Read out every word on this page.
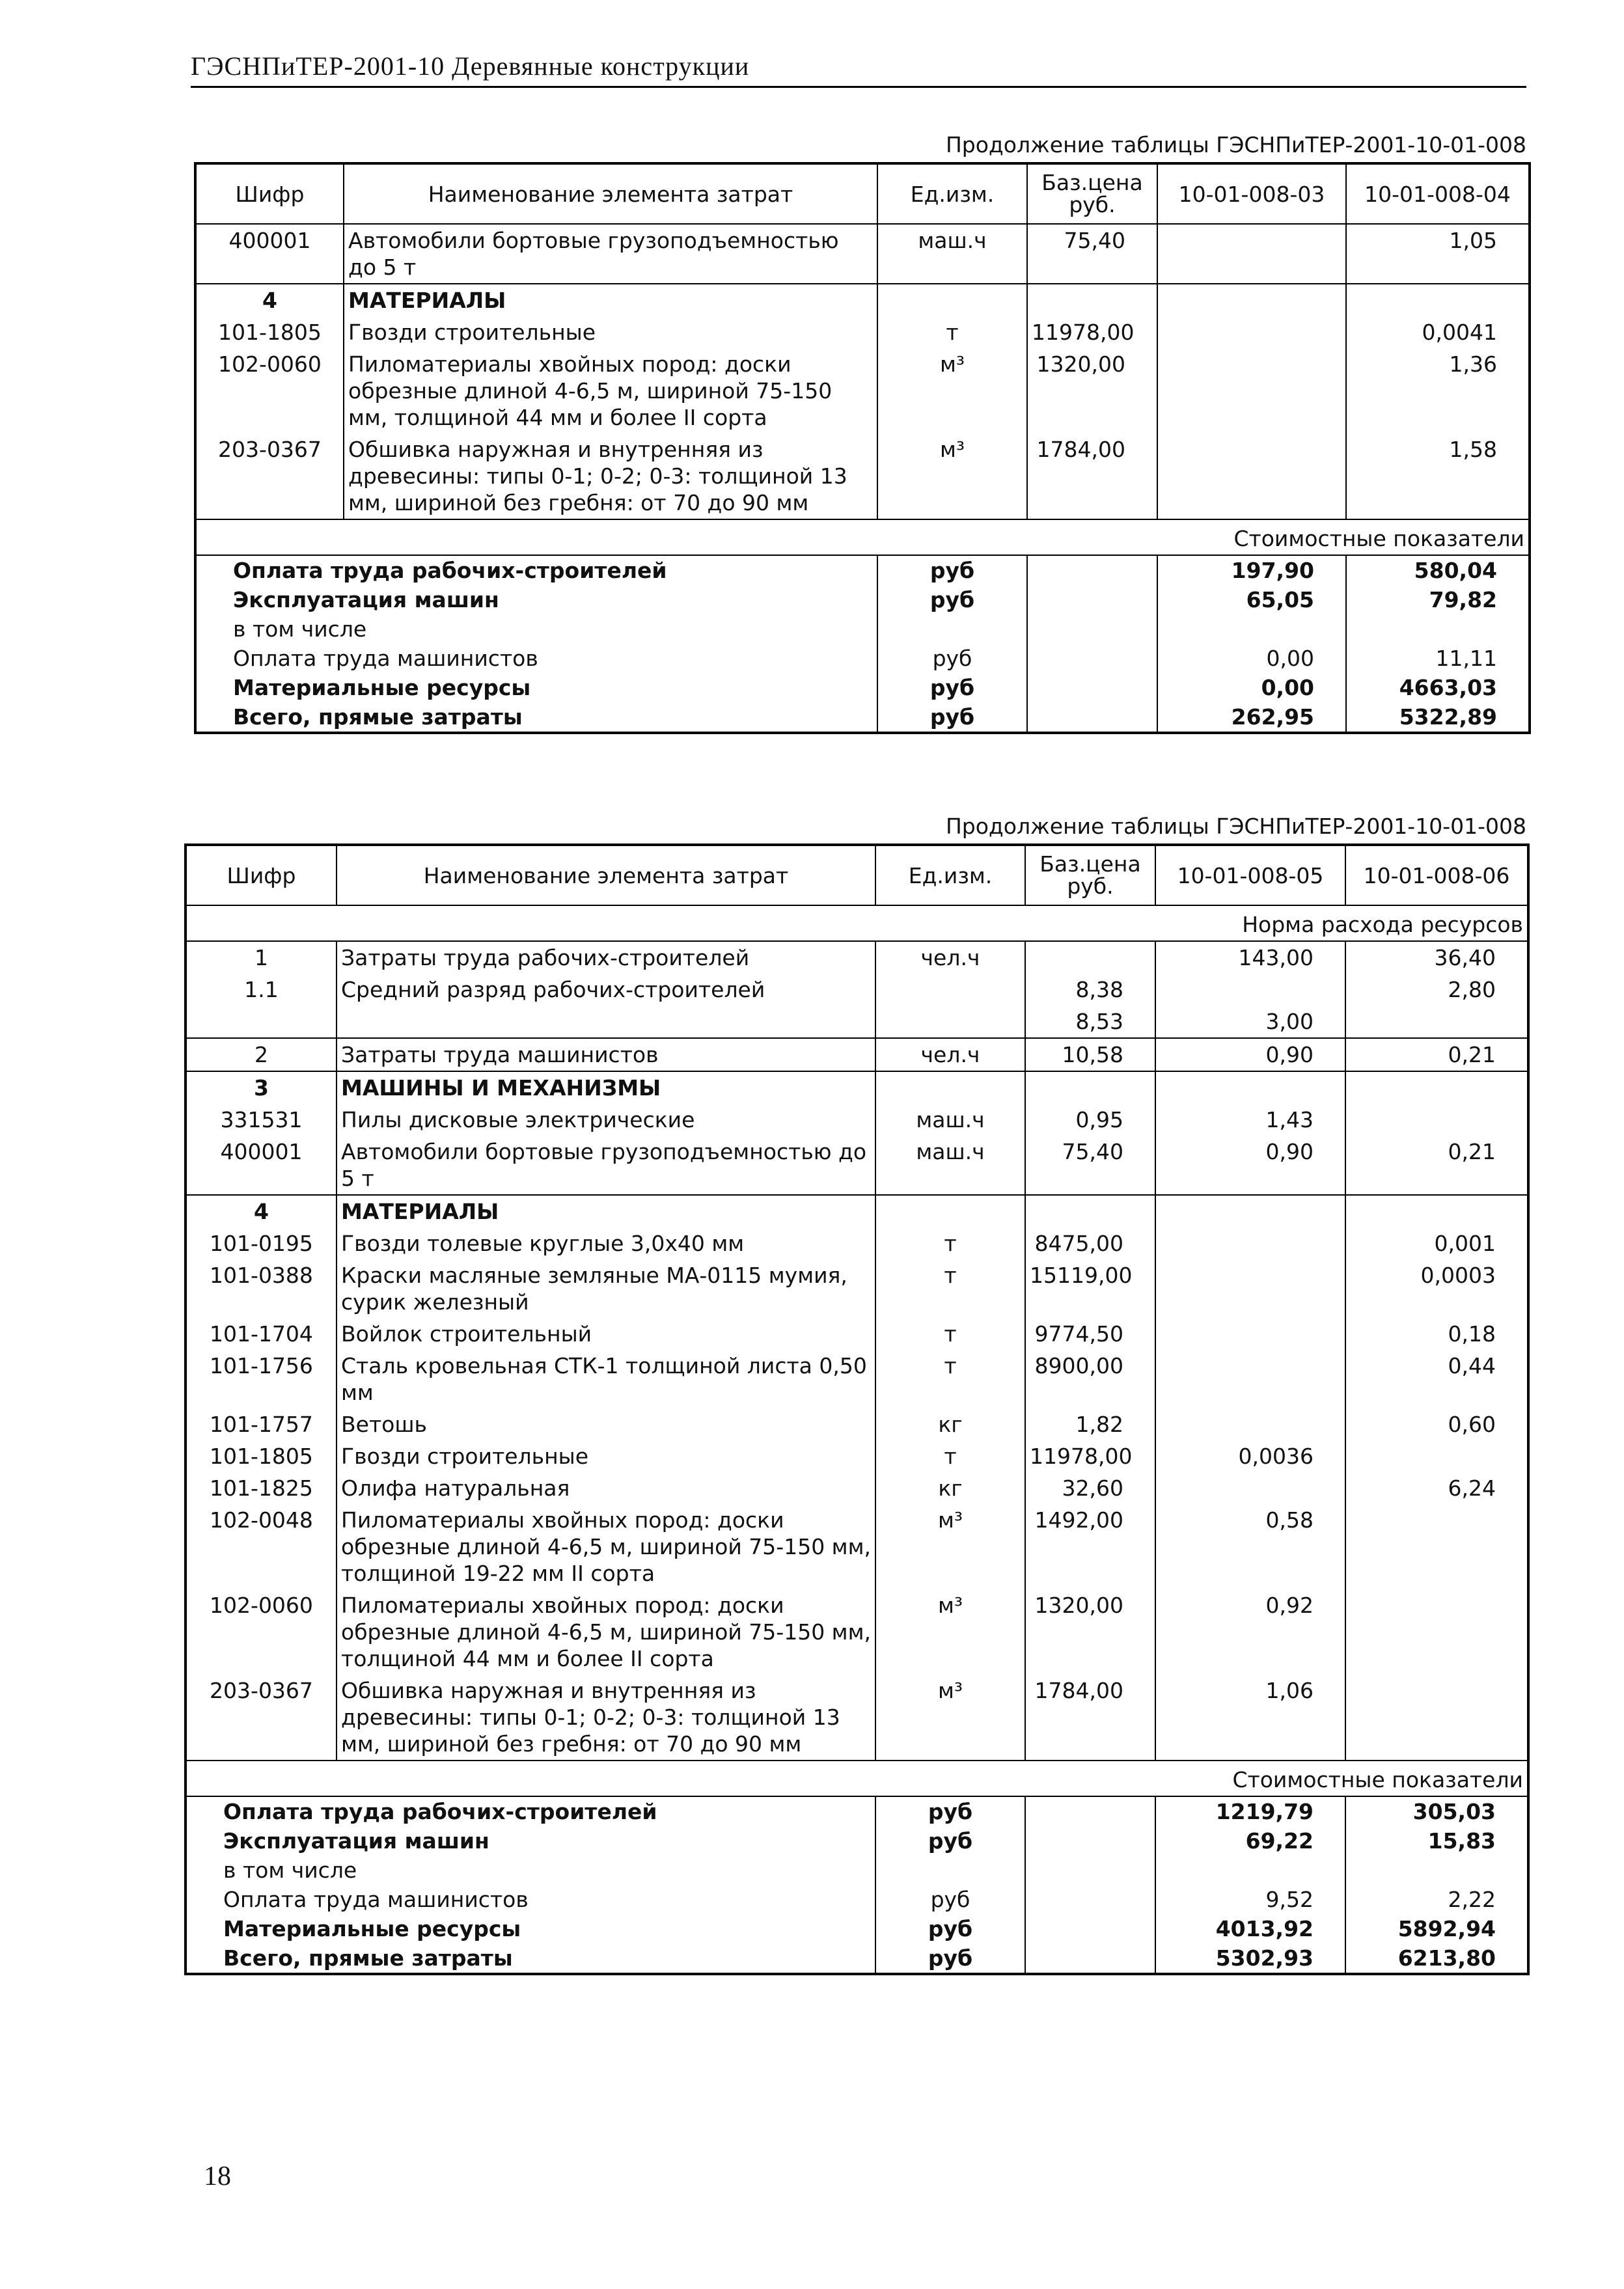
ГЭСНПиТЕР-2001-10 Деревянные конструкции
Продолжение таблицы ГЭСНПиТЕР-2001-10-01-008
Шифр	Наименование элемента затрат	Ед.изм.	Баз.цена руб.	10-01-008-03	10-01-008-04
400001	Автомобили бортовые грузоподъемностью до 5 т	маш.ч	75,40		1,05
4	МАТЕРИАЛЫ				
101-1805	Гвозди строительные	т	11978,00		0,0041
102-0060	Пиломатериалы хвойных пород: доски обрезные длиной 4-6,5 м, шириной 75-150 мм, толщиной 44 мм и более II сорта	м³	1320,00		1,36
203-0367	Обшивка наружная и внутренняя из древесины: типы 0-1; 0-2; 0-3: толщиной 13 мм, шириной без гребня: от 70 до 90 мм	м³	1784,00		1,58
Стоимостные показатели					
Оплата труда рабочих-строителей		руб		197,90	580,04
Эксплуатация машин		руб		65,05	79,82
в том числе					
Оплата труда машинистов		руб		0,00	11,11
Материальные ресурсы		руб		0,00	4663,03
Всего, прямые затраты		руб		262,95	5322,89
Продолжение таблицы ГЭСНПиТЕР-2001-10-01-008
Шифр	Наименование элемента затрат	Ед.изм.	Баз.цена руб.	10-01-008-05	10-01-008-06
Норма расхода ресурсов					
1	Затраты труда рабочих-строителей	чел.ч		143,00	36,40
1.1	Средний разряд рабочих-строителей		8,38		2,80
			8,53	3,00	
2	Затраты труда машинистов	чел.ч	10,58	0,90	0,21
3	МАШИНЫ И МЕХАНИЗМЫ				
331531	Пилы дисковые электрические	маш.ч	0,95	1,43	
400001	Автомобили бортовые грузоподъемностью до 5 т	маш.ч	75,40	0,90	0,21
4	МАТЕРИАЛЫ				
101-0195	Гвозди толевые круглые 3,0х40 мм	т	8475,00		0,001
101-0388	Краски масляные земляные МА-0115 мумия, сурик железный	т	15119,00		0,0003
101-1704	Войлок строительный	т	9774,50		0,18
101-1756	Сталь кровельная СТК-1 толщиной листа 0,50 мм	т	8900,00		0,44
101-1757	Ветошь	кг	1,82		0,60
101-1805	Гвозди строительные	т	11978,00	0,0036	
101-1825	Олифа натуральная	кг	32,60		6,24
102-0048	Пиломатериалы хвойных пород: доски обрезные длиной 4-6,5 м, шириной 75-150 мм, толщиной 19-22 мм II сорта	м³	1492,00	0,58	
102-0060	Пиломатериалы хвойных пород: доски обрезные длиной 4-6,5 м, шириной 75-150 мм, толщиной 44 мм и более II сорта	м³	1320,00	0,92	
203-0367	Обшивка наружная и внутренняя из древесины: типы 0-1; 0-2; 0-3: толщиной 13 мм, шириной без гребня: от 70 до 90 мм	м³	1784,00	1,06	
Стоимостные показатели					
Оплата труда рабочих-строителей		руб		1219,79	305,03
Эксплуатация машин		руб		69,22	15,83
в том числе					
Оплата труда машинистов		руб		9,52	2,22
Материальные ресурсы		руб		4013,92	5892,94
Всего, прямые затраты		руб		5302,93	6213,80
18
